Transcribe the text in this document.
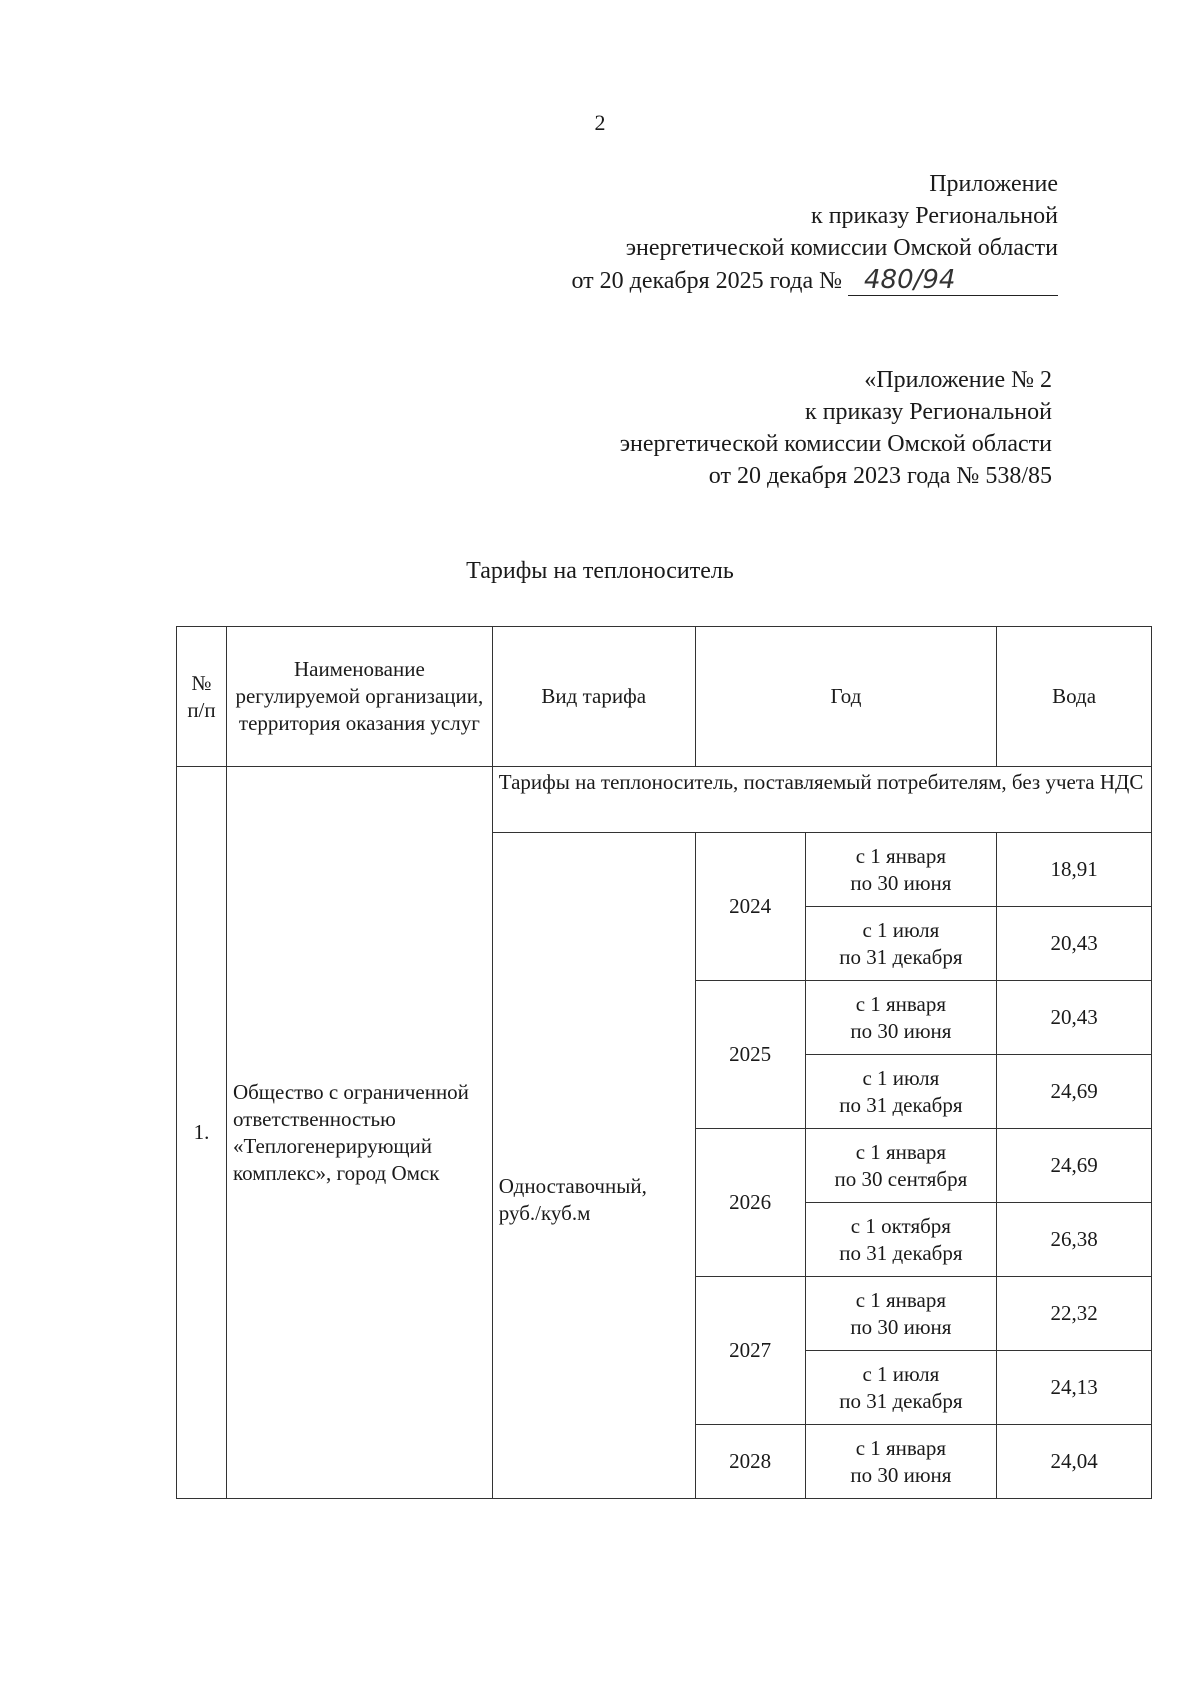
2
Приложение
к приказу Региональной
энергетической комиссии Омской области
от 20 декабря 2025 года № 480/94
«Приложение № 2
к приказу Региональной
энергетической комиссии Омской области
от 20 декабря 2023 года № 538/85
Тарифы на теплоноситель
№ п/п	Наименование регулируемой организации, территория оказания услуг	Вид тарифа	Год		Вода
1.	Общество с ограниченной ответственностью «Теплогенерирующий комплекс», город Омск	Тарифы на теплоноситель, поставляемый потребителям, без учета НДС			
		Одноставочный, руб./куб.м	2024	с 1 января
по 30 июня	18,91
				с 1 июля
по 31 декабря	20,43
			2025	с 1 января
по 30 июня	20,43
				с 1 июля
по 31 декабря	24,69
			2026	с 1 января
по 30 сентября	24,69
				с 1 октября
по 31 декабря	26,38
			2027	с 1 января
по 30 июня	22,32
				с 1 июля
по 31 декабря	24,13
			2028	с 1 января
по 30 июня	24,04
